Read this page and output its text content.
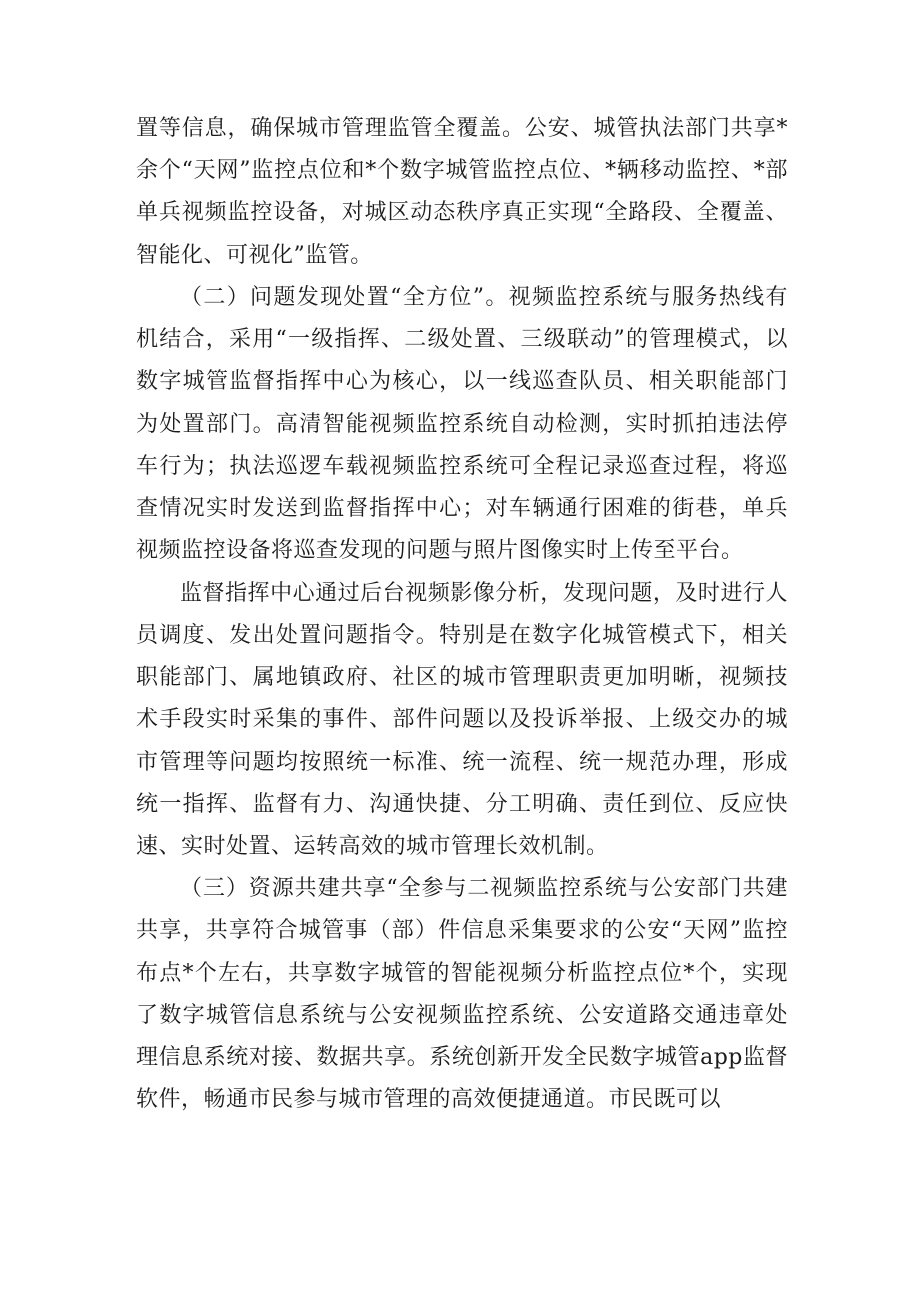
置等信息，确保城市管理监管全覆盖。公安、城管执法部门共享*余个“天网”监控点位和*个数字城管监控点位、*辆移动监控、*部单兵视频监控设备，对城区动态秩序真正实现“全路段、全覆盖、智能化、可视化”监管。

（二）问题发现处置“全方位”。视频监控系统与服务热线有机结合，采用“一级指挥、二级处置、三级联动”的管理模式，以数字城管监督指挥中心为核心，以一线巡查队员、相关职能部门为处置部门。高清智能视频监控系统自动检测，实时抓拍违法停车行为；执法巡逻车载视频监控系统可全程记录巡查过程，将巡查情况实时发送到监督指挥中心；对车辆通行困难的街巷，单兵视频监控设备将巡查发现的问题与照片图像实时上传至平台。

监督指挥中心通过后台视频影像分析，发现问题，及时进行人员调度、发出处置问题指令。特别是在数字化城管模式下，相关职能部门、属地镇政府、社区的城市管理职责更加明晰，视频技术手段实时采集的事件、部件问题以及投诉举报、上级交办的城市管理等问题均按照统一标准、统一流程、统一规范办理，形成统一指挥、监督有力、沟通快捷、分工明确、责任到位、反应快速、实时处置、运转高效的城市管理长效机制。

（三）资源共建共享“全参与二视频监控系统与公安部门共建共享，共享符合城管事（部）件信息采集要求的公安“天网”监控布点*个左右，共享数字城管的智能视频分析监控点位*个，实现了数字城管信息系统与公安视频监控系统、公安道路交通违章处理信息系统对接、数据共享。系统创新开发全民数字城管app监督软件，畅通市民参与城市管理的高效便捷通道。市民既可以
